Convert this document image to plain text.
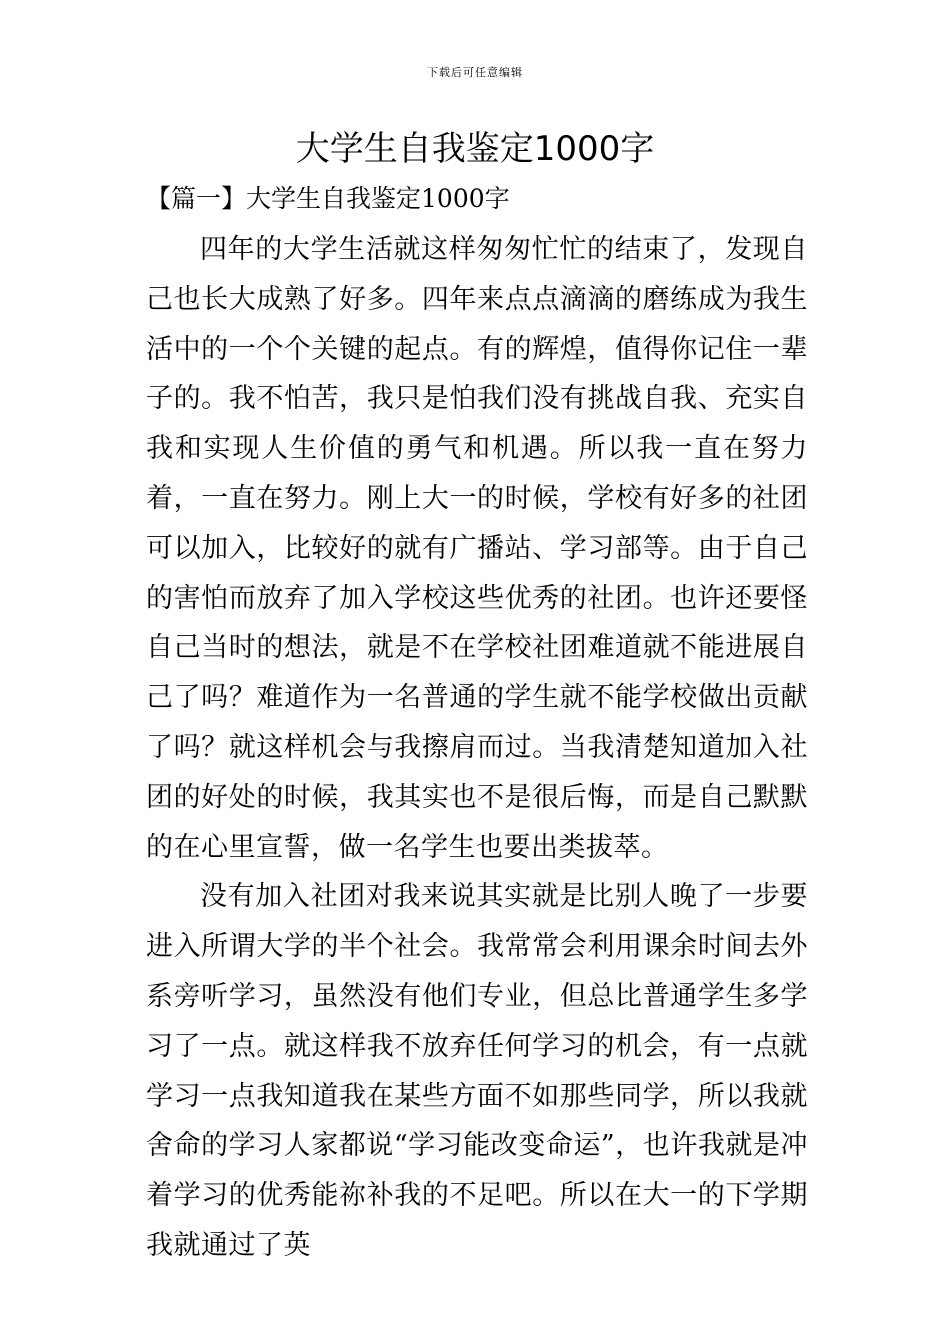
下载后可任意编辑
大学生自我鉴定1000字
【篇一】大学生自我鉴定1000字

四年的大学生活就这样匆匆忙忙的结束了，发现自己也长大成熟了好多。四年来点点滴滴的磨练成为我生活中的一个个关键的起点。有的辉煌，值得你记住一辈子的。我不怕苦，我只是怕我们没有挑战自我、充实自我和实现人生价值的勇气和机遇。所以我一直在努力着，一直在努力。刚上大一的时候，学校有好多的社团可以加入，比较好的就有广播站、学习部等。由于自己的害怕而放弃了加入学校这些优秀的社团。也许还要怪自己当时的想法，就是不在学校社团难道就不能进展自己了吗？难道作为一名普通的学生就不能学校做出贡献了吗？就这样机会与我擦肩而过。当我清楚知道加入社团的好处的时候，我其实也不是很后悔，而是自己默默的在心里宣誓，做一名学生也要出类拔萃。

没有加入社团对我来说其实就是比别人晚了一步要进入所谓大学的半个社会。我常常会利用课余时间去外系旁听学习，虽然没有他们专业，但总比普通学生多学习了一点。就这样我不放弃任何学习的机会，有一点就学习一点我知道我在某些方面不如那些同学，所以我就舍命的学习人家都说“学习能改变命运”，也许我就是冲着学习的优秀能祢补我的不足吧。所以在大一的下学期我就通过了英
